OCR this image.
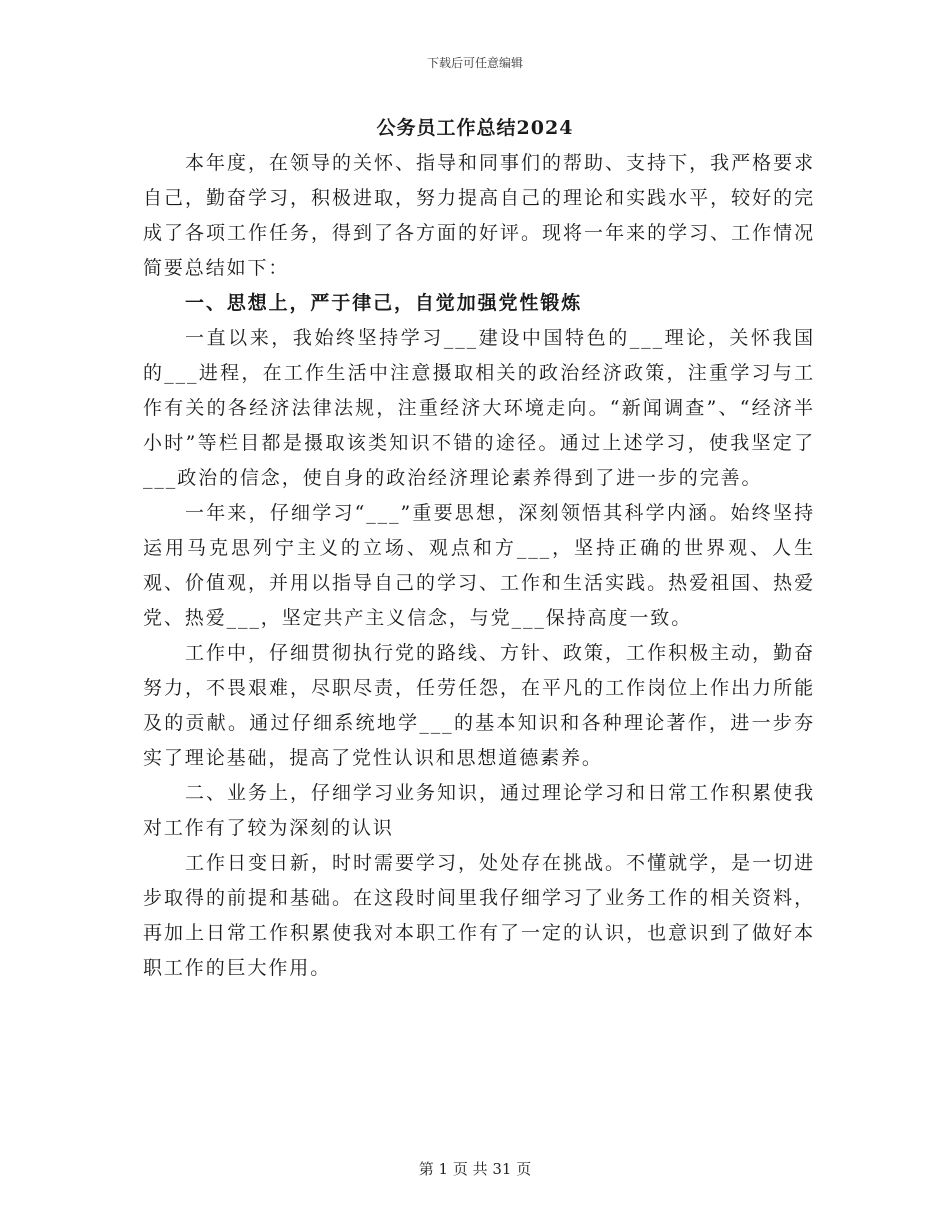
下载后可任意编辑
公务员工作总结2024

本年度，在领导的关怀、指导和同事们的帮助、支持下，我严格要求自己，勤奋学习，积极进取，努力提高自己的理论和实践水平，较好的完成了各项工作任务，得到了各方面的好评。现将一年来的学习、工作情况简要总结如下：

一、思想上，严于律己，自觉加强党性锻炼

一直以来，我始终坚持学习___建设中国特色的___理论，关怀我国的___进程，在工作生活中注意摄取相关的政治经济政策，注重学习与工作有关的各经济法律法规，注重经济大环境走向。“新闻调查”、“经济半小时”等栏目都是摄取该类知识不错的途径。通过上述学习，使我坚定了___政治的信念，使自身的政治经济理论素养得到了进一步的完善。

一年来，仔细学习“___”重要思想，深刻领悟其科学内涵。始终坚持运用马克思列宁主义的立场、观点和方___，坚持正确的世界观、人生观、价值观，并用以指导自己的学习、工作和生活实践。热爱祖国、热爱党、热爱___，坚定共产主义信念，与党___保持高度一致。

工作中，仔细贯彻执行党的路线、方针、政策，工作积极主动，勤奋努力，不畏艰难，尽职尽责，任劳任怨，在平凡的工作岗位上作出力所能及的贡献。通过仔细系统地学___的基本知识和各种理论著作，进一步夯实了理论基础，提高了党性认识和思想道德素养。

二、业务上，仔细学习业务知识，通过理论学习和日常工作积累使我对工作有了较为深刻的认识

工作日变日新，时时需要学习，处处存在挑战。不懂就学，是一切进步取得的前提和基础。在这段时间里我仔细学习了业务工作的相关资料，再加上日常工作积累使我对本职工作有了一定的认识，也意识到了做好本职工作的巨大作用。

第 1 页 共 31 页
